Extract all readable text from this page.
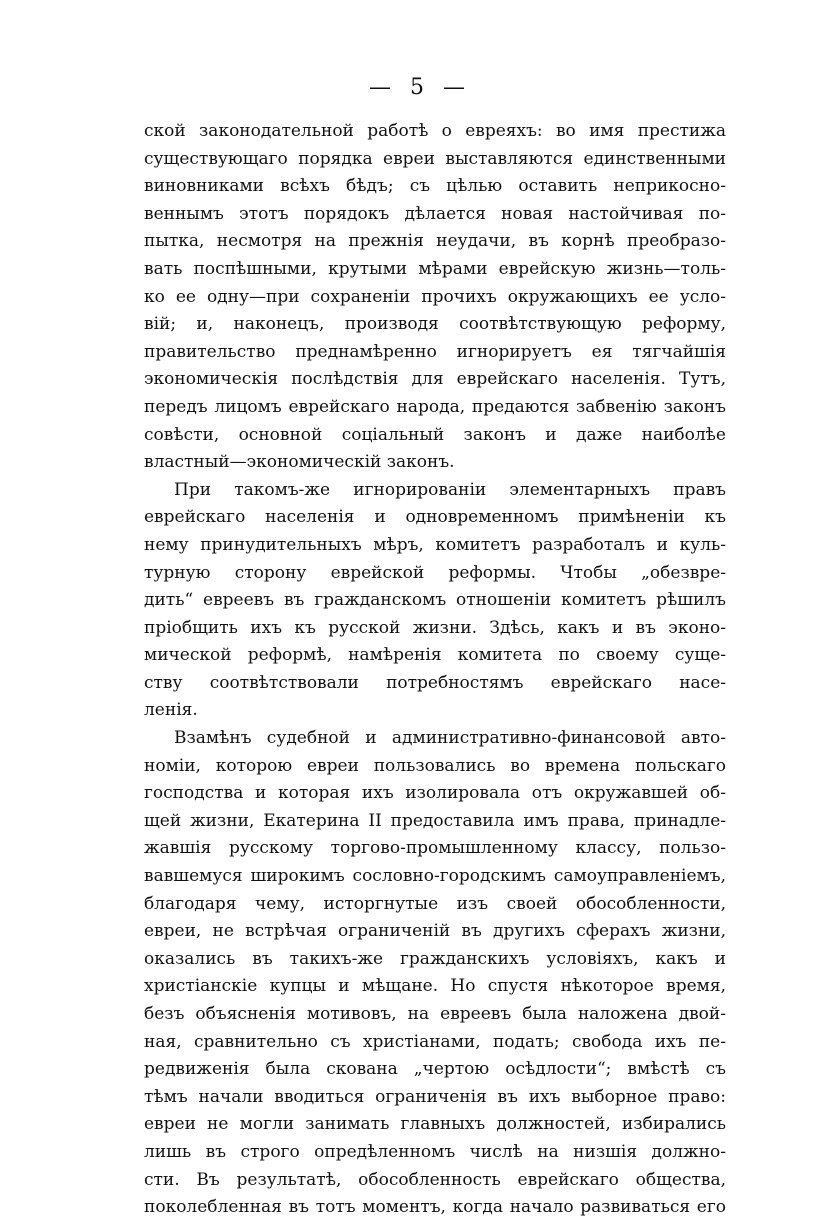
— 5 —
ской законодательной работѣ о евреяхъ: во имя престижа
существующаго порядка евреи выставляются единственными
виновниками всѣхъ бѣдъ; съ цѣлью оставить неприкосно-
веннымъ этотъ порядокъ дѣлается новая настойчивая по-
пытка, несмотря на прежнія неудачи, въ корнѣ преобразо-
вать поспѣшными, крутыми мѣрами еврейскую жизнь—толь-
ко ее одну—при сохраненіи прочихъ окружающихъ ее усло-
вій; и, наконецъ, производя соотвѣтствующую реформу,
правительство преднамѣренно игнорируетъ ея тягчайшія
экономическія послѣдствія для еврейскаго населенія. Тутъ,
передъ лицомъ еврейскаго народа, предаются забвенію законъ
совѣсти, основной соціальный законъ и даже наиболѣе
властный—экономическій законъ.
При такомъ-же игнорированіи элементарныхъ правъ
еврейскаго населенія и одновременномъ примѣненіи къ
нему принудительныхъ мѣръ, комитетъ разработалъ и куль-
турную сторону еврейской реформы. Чтобы „обезвре-
дить“ евреевъ въ гражданскомъ отношеніи комитетъ рѣшилъ
пріобщить ихъ къ русской жизни. Здѣсь, какъ и въ эконо-
мической реформѣ, намѣренія комитета по своему суще-
ству соотвѣтствовали потребностямъ еврейскаго насе-
ленія.
Взамѣнъ судебной и административно-финансовой авто-
номіи, которою евреи пользовались во времена польскаго
господства и которая ихъ изолировала отъ окружавшей об-
щей жизни, Екатерина II предоставила имъ права, принадле-
жавшія русскому торгово-промышленному классу, пользо-
вавшемуся широкимъ сословно-городскимъ самоуправленіемъ,
благодаря чему, исторгнутые изъ своей обособленности,
евреи, не встрѣчая ограниченій въ другихъ сферахъ жизни,
оказались въ такихъ-же гражданскихъ условіяхъ, какъ и
христіанскіе купцы и мѣщане. Но спустя нѣкоторое время,
безъ объясненія мотивовъ, на евреевъ была наложена двой-
ная, сравнительно съ христіанами, подать; свобода ихъ пе-
редвиженія была скована „чертою осѣдлости“; вмѣстѣ съ
тѣмъ начали вводиться ограниченія въ ихъ выборное право:
евреи не могли занимать главныхъ должностей, избирались
лишь въ строго опредѣленномъ числѣ на низшія должно-
сти. Въ результатѣ, обособленность еврейскаго общества,
поколебленная въ тотъ моментъ, когда начало развиваться его
